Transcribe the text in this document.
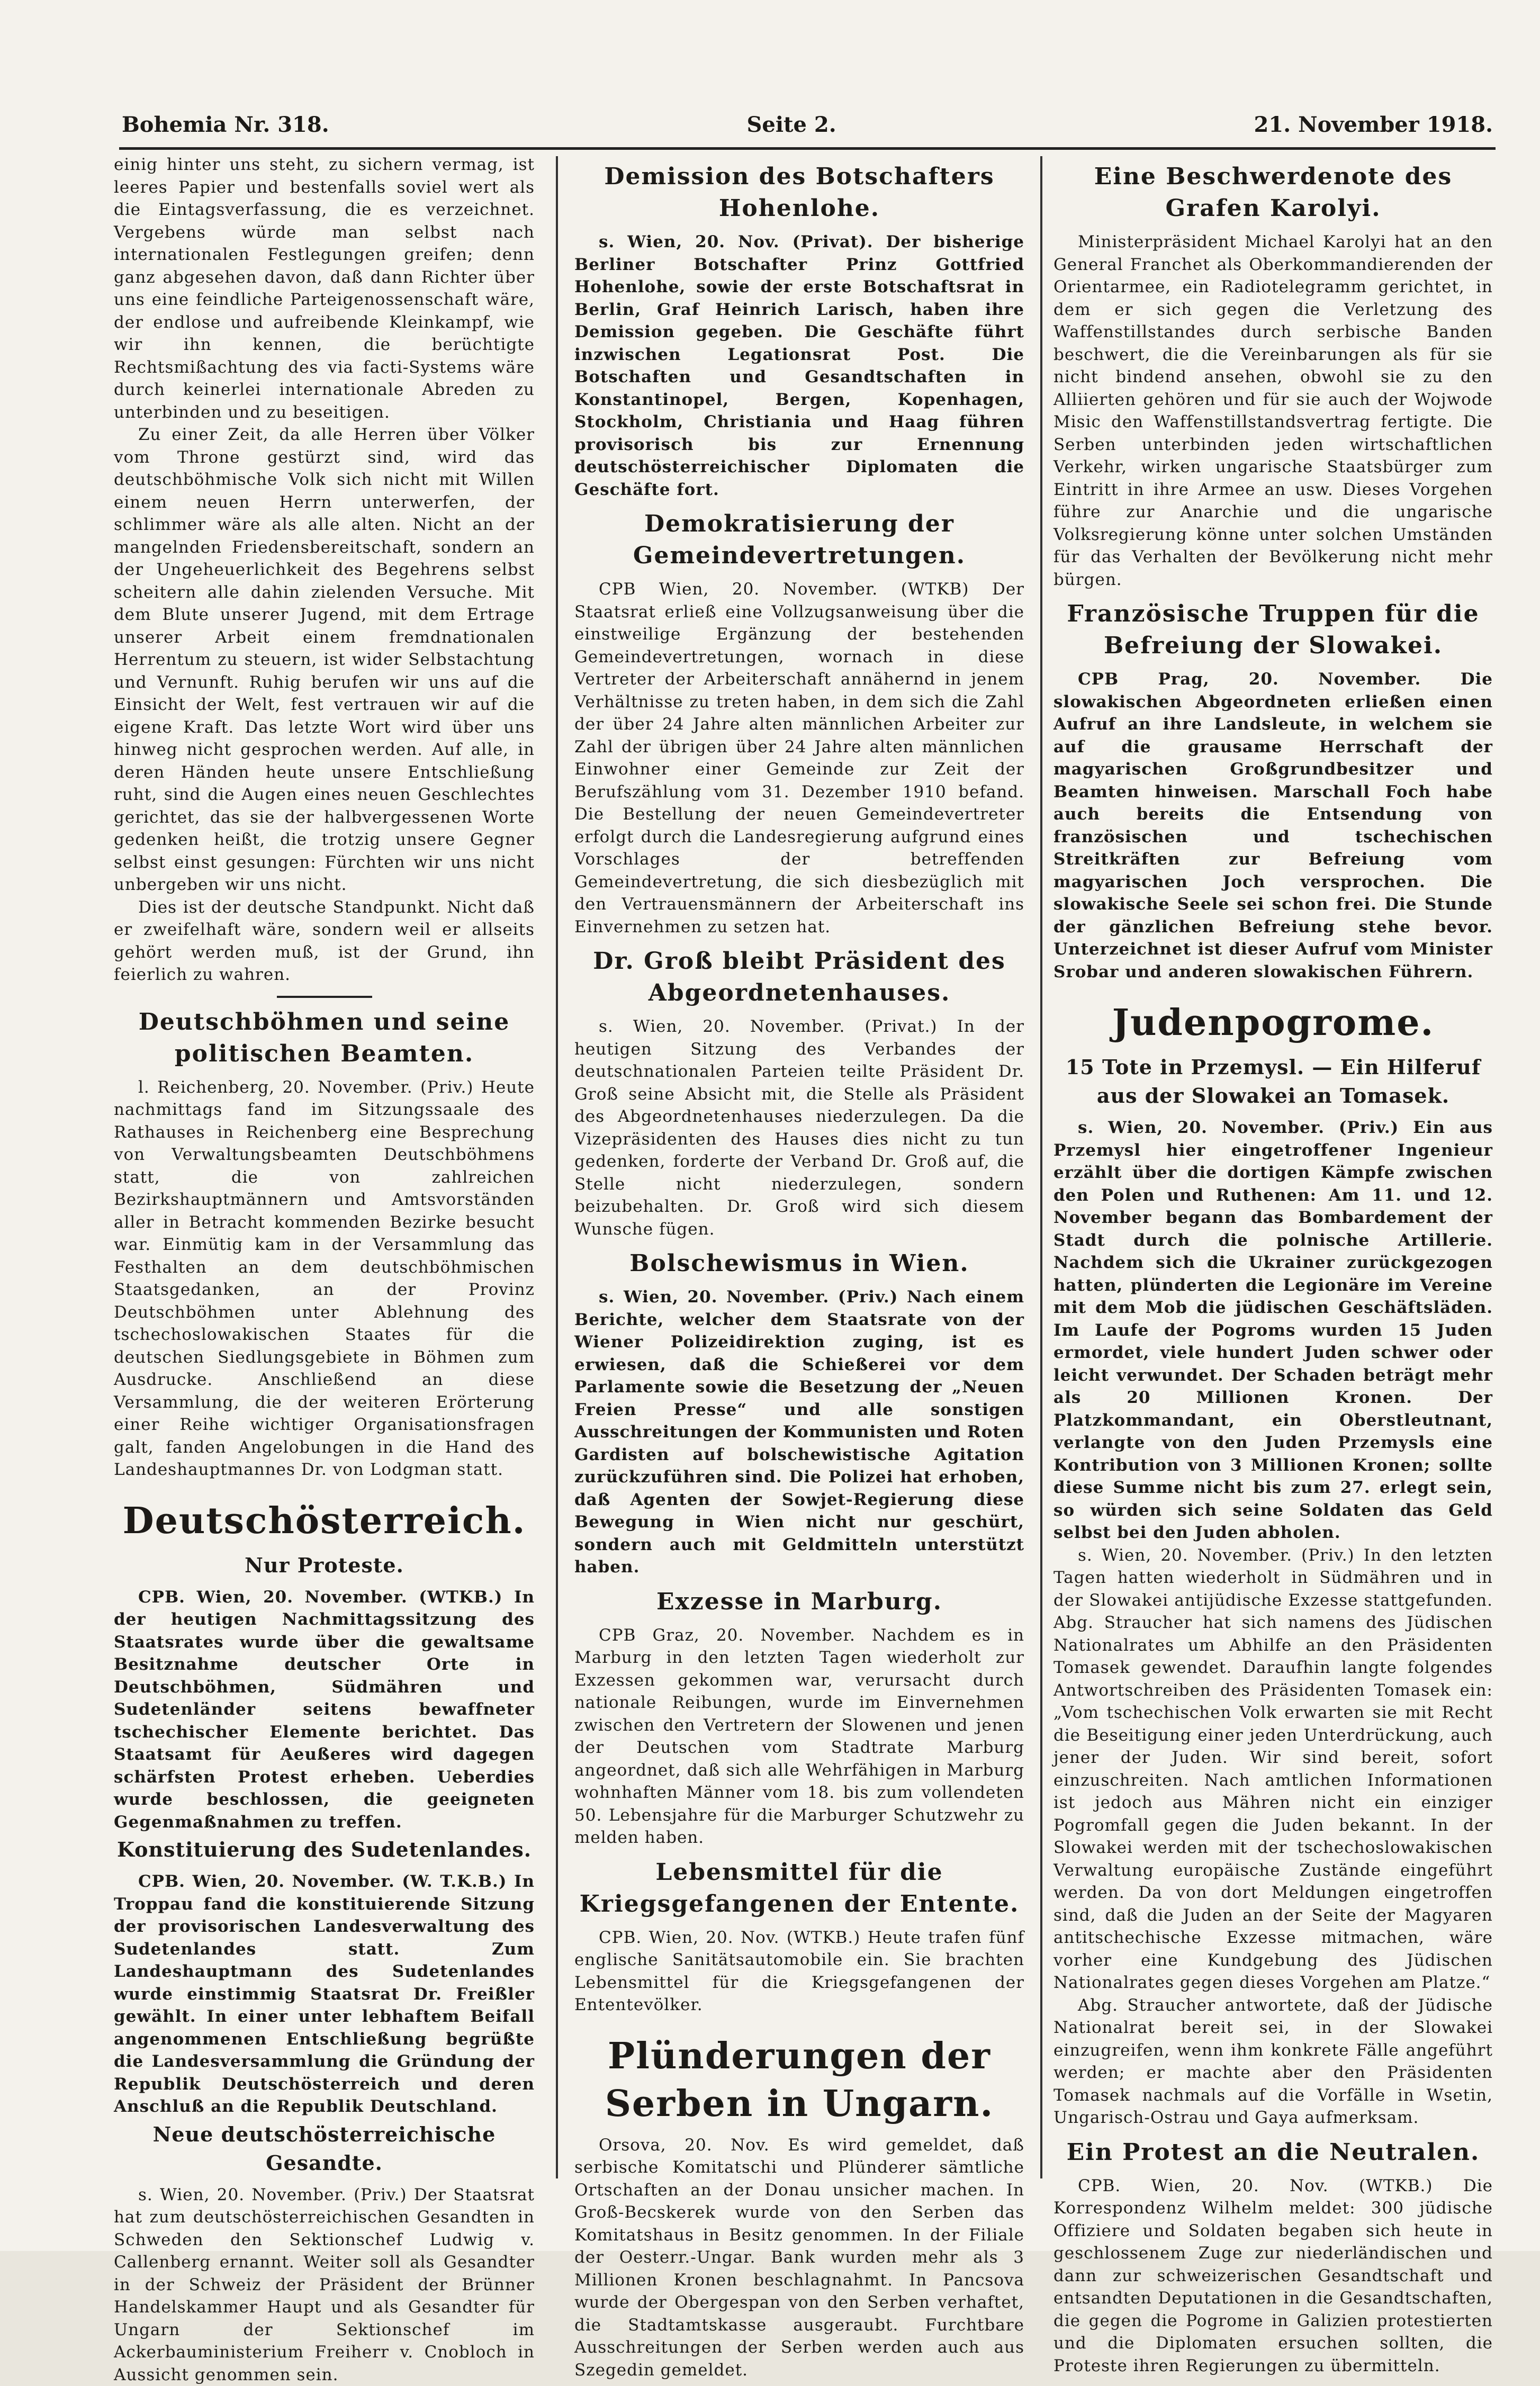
Bohemia Nr. 318.	Seite 2.	21. November 1918.

einig hinter uns steht, zu sichern vermag, ist leeres Papier und bestenfalls soviel wert als die Eintagsverfassung, die es verzeichnet. Vergebens würde man selbst nach internationalen Festlegungen greifen; denn ganz abgesehen davon, daß dann Richter über uns eine feindliche Parteigenossenschaft wäre, der endlose und aufreibende Kleinkampf, wie wir ihn kennen, die berüchtigte Rechtsmißachtung des via facti-Systems wäre durch keinerlei internationale Abreden zu unterbinden und zu beseitigen.

Zu einer Zeit, da alle Herren über Völker vom Throne gestürzt sind, wird das deutschböhmische Volk sich nicht mit Willen einem neuen Herrn unterwerfen, der schlimmer wäre als alle alten. Nicht an der mangelnden Friedensbereitschaft, sondern an der Ungeheuerlichkeit des Begehrens selbst scheitern alle dahin zielenden Versuche. Mit dem Blute unserer Jugend, mit dem Ertrage unserer Arbeit einem fremdnationalen Herrentum zu steuern, ist wider Selbstachtung und Vernunft. Ruhig berufen wir uns auf die Einsicht der Welt, fest vertrauen wir auf die eigene Kraft. Das letzte Wort wird über uns hinweg nicht gesprochen werden. Auf alle, in deren Händen heute unsere Entschließung ruht, sind die Augen eines neuen Geschlechtes gerichtet, das sie der halbvergessenen Worte gedenken heißt, die trotzig unsere Gegner selbst einst gesungen: Fürchten wir uns nicht unbergeben wir uns nicht.

Dies ist der deutsche Standpunkt. Nicht daß er zweifelhaft wäre, sondern weil er allseits gehört werden muß, ist der Grund, ihn feierlich zu wahren.

Deutschböhmen und seine politischen Beamten.

l. Reichenberg, 20. November. (Priv.) Heute nachmittags fand im Sitzungssaale des Rathauses in Reichenberg eine Besprechung von Verwaltungsbeamten Deutschböhmens statt, die von zahlreichen Bezirkshauptmännern und Amtsvorständen aller in Betracht kommenden Bezirke besucht war. Einmütig kam in der Versammlung das Festhalten an dem deutschböhmischen Staatsgedanken, an der Provinz Deutschböhmen unter Ablehnung des tschechoslowakischen Staates für die deutschen Siedlungsgebiete in Böhmen zum Ausdrucke. Anschließend an diese Versammlung, die der weiteren Erörterung einer Reihe wichtiger Organisationsfragen galt, fanden Angelobungen in die Hand des Landeshauptmannes Dr. von Lodgman statt.

Deutschösterreich.
Nur Proteste.

CPB. Wien, 20. November. (WTKB.) In der heutigen Nachmittagssitzung des Staatsrates wurde über die gewaltsame Besitznahme deutscher Orte in Deutschböhmen, Südmähren und Sudetenländer seitens bewaffneter tschechischer Elemente berichtet. Das Staatsamt für Aeußeres wird dagegen schärfsten Protest erheben. Ueberdies wurde beschlossen, die geeigneten Gegenmaßnahmen zu treffen.

Konstituierung des Sudetenlandes.

CPB. Wien, 20. November. (W. T.K.B.) In Troppau fand die konstituierende Sitzung der provisorischen Landesverwaltung des Sudetenlandes statt. Zum Landeshauptmann des Sudetenlandes wurde einstimmig Staatsrat Dr. Freißler gewählt. In einer unter lebhaftem Beifall angenommenen Entschließung begrüßte die Landesversammlung die Gründung der Republik Deutschösterreich und deren Anschluß an die Republik Deutschland.

Neue deutschösterreichische Gesandte.

s. Wien, 20. November. (Priv.) Der Staatsrat hat zum deutschösterreichischen Gesandten in Schweden den Sektionschef Ludwig v. Callenberg ernannt. Weiter soll als Gesandter in der Schweiz der Präsident der Brünner Handelskammer Haupt und als Gesandter für Ungarn der Sektionschef im Ackerbauministerium Freiherr v. Cnobloch in Aussicht genommen sein.

Demission des Botschafters Hohenlohe.

s. Wien, 20. Nov. (Privat). Der bisherige Berliner Botschafter Prinz Gottfried Hohenlohe, sowie der erste Botschaftsrat in Berlin, Graf Heinrich Larisch, haben ihre Demission gegeben. Die Geschäfte führt inzwischen Legationsrat Post. Die Botschaften und Gesandtschaften in Konstantinopel, Bergen, Kopenhagen, Stockholm, Christiania und Haag führen provisorisch bis zur Ernennung deutschösterreichischer Diplomaten die Geschäfte fort.

Demokratisierung der Gemeindevertretungen.

CPB Wien, 20. November. (WTKB) Der Staatsrat erließ eine Vollzugsanweisung über die einstweilige Ergänzung der bestehenden Gemeindevertretungen, wornach in diese Vertreter der Arbeiterschaft annähernd in jenem Verhältnisse zu treten haben, in dem sich die Zahl der über 24 Jahre alten männlichen Arbeiter zur Zahl der übrigen über 24 Jahre alten männlichen Einwohner einer Gemeinde zur Zeit der Berufszählung vom 31. Dezember 1910 befand. Die Bestellung der neuen Gemeindevertreter erfolgt durch die Landesregierung aufgrund eines Vorschlages der betreffenden Gemeindevertretung, die sich diesbezüglich mit den Vertrauensmännern der Arbeiterschaft ins Einvernehmen zu setzen hat.

Dr. Groß bleibt Präsident des Abgeordnetenhauses.

s. Wien, 20. November. (Privat.) In der heutigen Sitzung des Verbandes der deutschnationalen Parteien teilte Präsident Dr. Groß seine Absicht mit, die Stelle als Präsident des Abgeordnetenhauses niederzulegen. Da die Vizepräsidenten des Hauses dies nicht zu tun gedenken, forderte der Verband Dr. Groß auf, die Stelle nicht niederzulegen, sondern beizubehalten. Dr. Groß wird sich diesem Wunsche fügen.

Bolschewismus in Wien.

s. Wien, 20. November. (Priv.) Nach einem Berichte, welcher dem Staatsrate von der Wiener Polizeidirektion zuging, ist es erwiesen, daß die Schießerei vor dem Parlamente sowie die Besetzung der „Neuen Freien Presse“ und alle sonstigen Ausschreitungen der Kommunisten und Roten Gardisten auf bolschewistische Agitation zurückzuführen sind. Die Polizei hat erhoben, daß Agenten der Sowjet-Regierung diese Bewegung in Wien nicht nur geschürt, sondern auch mit Geldmitteln unterstützt haben.

Exzesse in Marburg.

CPB Graz, 20. November. Nachdem es in Marburg in den letzten Tagen wiederholt zur Exzessen gekommen war, verursacht durch nationale Reibungen, wurde im Einvernehmen zwischen den Vertretern der Slowenen und jenen der Deutschen vom Stadtrate Marburg angeordnet, daß sich alle Wehrfähigen in Marburg wohnhaften Männer vom 18. bis zum vollendeten 50. Lebensjahre für die Marburger Schutzwehr zu melden haben.

Lebensmittel für die Kriegsgefangenen der Entente.

CPB. Wien, 20. Nov. (WTKB.) Heute trafen fünf englische Sanitätsautomobile ein. Sie brachten Lebensmittel für die Kriegsgefangenen der Ententevölker.

Plünderungen der Serben in Ungarn.

Orsova, 20. Nov. Es wird gemeldet, daß serbische Komitatschi und Plünderer sämtliche Ortschaften an der Donau unsicher machen. In Groß-Becskerek wurde von den Serben das Komitatshaus in Besitz genommen. In der Filiale der Oesterr.-Ungar. Bank wurden mehr als 3 Millionen Kronen beschlagnahmt. In Pancsova wurde der Obergespan von den Serben verhaftet, die Stadtamtskasse ausgeraubt. Furchtbare Ausschreitungen der Serben werden auch aus Szegedin gemeldet.

Eine Beschwerdenote des Grafen Karolyi.

Ministerpräsident Michael Karolyi hat an den General Franchet als Oberkommandierenden der Orientarmee, ein Radiotelegramm gerichtet, in dem er sich gegen die Verletzung des Waffenstillstandes durch serbische Banden beschwert, die die Vereinbarungen als für sie nicht bindend ansehen, obwohl sie zu den Alliierten gehören und für sie auch der Wojwode Misic den Waffenstillstandsvertrag fertigte. Die Serben unterbinden jeden wirtschaftlichen Verkehr, wirken ungarische Staatsbürger zum Eintritt in ihre Armee an usw. Dieses Vorgehen führe zur Anarchie und die ungarische Volksregierung könne unter solchen Umständen für das Verhalten der Bevölkerung nicht mehr bürgen.

Französische Truppen für die Befreiung der Slowakei.

CPB Prag, 20. November. Die slowakischen Abgeordneten erließen einen Aufruf an ihre Landsleute, in welchem sie auf die grausame Herrschaft der magyarischen Großgrundbesitzer und Beamten hinweisen. Marschall Foch habe auch bereits die Entsendung von französischen und tschechischen Streitkräften zur Befreiung vom magyarischen Joch versprochen. Die slowakische Seele sei schon frei. Die Stunde der gänzlichen Befreiung stehe bevor. Unterzeichnet ist dieser Aufruf vom Minister Srobar und anderen slowakischen Führern.

Judenpogrome.
15 Tote in Przemysl. — Ein Hilferuf aus der Slowakei an Tomasek.

s. Wien, 20. November. (Priv.) Ein aus Przemysl hier eingetroffener Ingenieur erzählt über die dortigen Kämpfe zwischen den Polen und Ruthenen: Am 11. und 12. November begann das Bombardement der Stadt durch die polnische Artillerie. Nachdem sich die Ukrainer zurückgezogen hatten, plünderten die Legionäre im Vereine mit dem Mob die jüdischen Geschäftsläden. Im Laufe der Pogroms wurden 15 Juden ermordet, viele hundert Juden schwer oder leicht verwundet. Der Schaden beträgt mehr als 20 Millionen Kronen. Der Platzkommandant, ein Oberstleutnant, verlangte von den Juden Przemysls eine Kontribution von 3 Millionen Kronen; sollte diese Summe nicht bis zum 27. erlegt sein, so würden sich seine Soldaten das Geld selbst bei den Juden abholen.

s. Wien, 20. November. (Priv.) In den letzten Tagen hatten wiederholt in Südmähren und in der Slowakei antijüdische Exzesse stattgefunden. Abg. Straucher hat sich namens des Jüdischen Nationalrates um Abhilfe an den Präsidenten Tomasek gewendet. Daraufhin langte folgendes Antwortschreiben des Präsidenten Tomasek ein: „Vom tschechischen Volk erwarten sie mit Recht die Beseitigung einer jeden Unterdrückung, auch jener der Juden. Wir sind bereit, sofort einzuschreiten. Nach amtlichen Informationen ist jedoch aus Mähren nicht ein einziger Pogromfall gegen die Juden bekannt. In der Slowakei werden mit der tschechoslowakischen Verwaltung europäische Zustände eingeführt werden. Da von dort Meldungen eingetroffen sind, daß die Juden an der Seite der Magyaren antitschechische Exzesse mitmachen, wäre vorher eine Kundgebung des Jüdischen Nationalrates gegen dieses Vorgehen am Platze.“

Abg. Straucher antwortete, daß der Jüdische Nationalrat bereit sei, in der Slowakei einzugreifen, wenn ihm konkrete Fälle angeführt werden; er machte aber den Präsidenten Tomasek nachmals auf die Vorfälle in Wsetin, Ungarisch-Ostrau und Gaya aufmerksam.

Ein Protest an die Neutralen.

CPB. Wien, 20. Nov. (WTKB.) Die Korrespondenz Wilhelm meldet: 300 jüdische Offiziere und Soldaten begaben sich heute in geschlossenem Zuge zur niederländischen und dann zur schweizerischen Gesandtschaft und entsandten Deputationen in die Gesandtschaften, die gegen die Pogrome in Galizien protestierten und die Diplomaten ersuchen sollten, die Proteste ihren Regierungen zu übermitteln.
